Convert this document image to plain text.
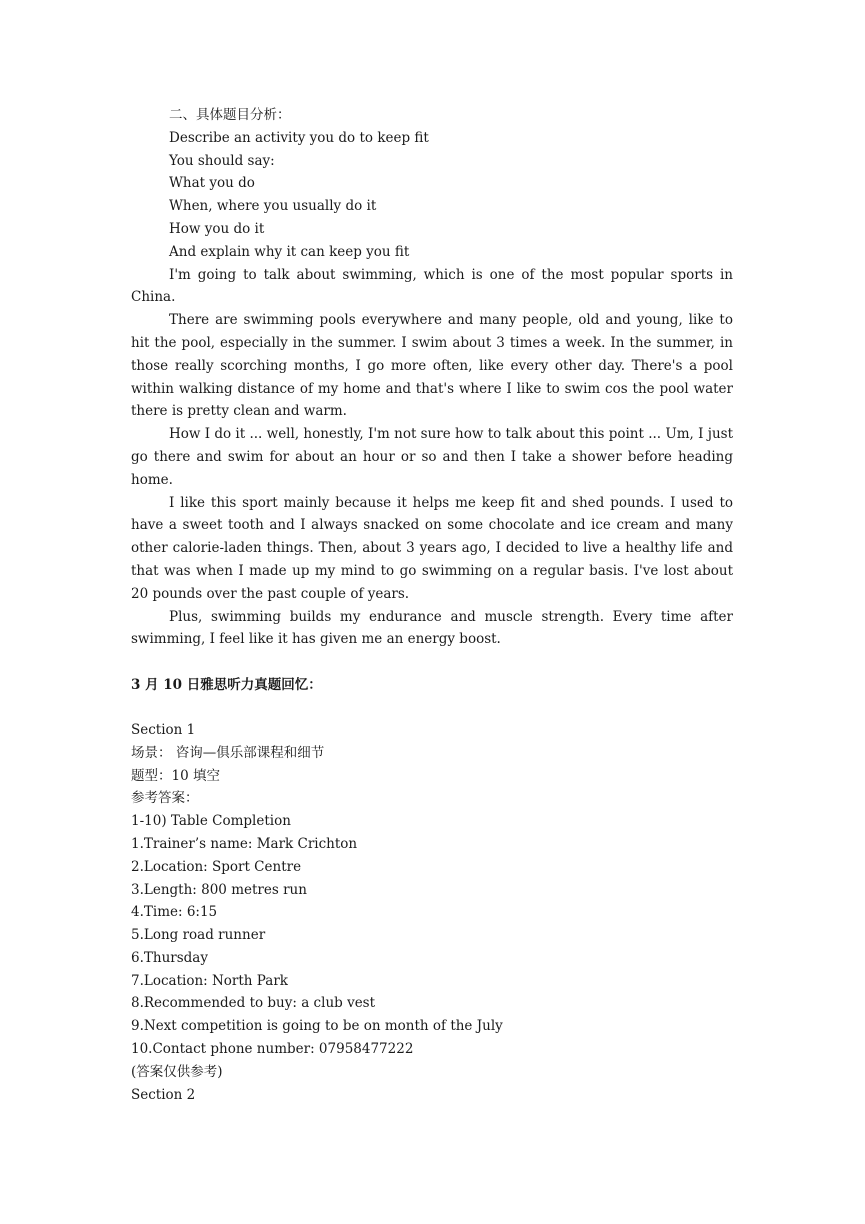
二、具体题目分析：
Describe an activity you do to keep fit
You should say:
What you do
When, where you usually do it
How you do it
And explain why it can keep you fit

I'm going to talk about swimming, which is one of the most popular sports in China.

There are swimming pools everywhere and many people, old and young, like to hit the pool, especially in the summer. I swim about 3 times a week. In the summer, in those really scorching months, I go more often, like every other day. There's a pool within walking distance of my home and that's where I like to swim cos the pool water there is pretty clean and warm.

How I do it ... well, honestly, I'm not sure how to talk about this point ... Um, I just go there and swim for about an hour or so and then I take a shower before heading home.

I like this sport mainly because it helps me keep fit and shed pounds. I used to have a sweet tooth and I always snacked on some chocolate and ice cream and many other calorie-laden things. Then, about 3 years ago, I decided to live a healthy life and that was when I made up my mind to go swimming on a regular basis. I've lost about 20 pounds over the past couple of years.

Plus, swimming builds my endurance and muscle strength. Every time after swimming, I feel like it has given me an energy boost.

3 月 10 日雅思听力真题回忆：
Section 1
场景： 咨询—俱乐部课程和细节
题型：10 填空
参考答案：
1-10) Table Completion
1.Trainer’s name: Mark Crichton
2.Location: Sport Centre
3.Length: 800 metres run
4.Time: 6:15
5.Long road runner
6.Thursday
7.Location: North Park
8.Recommended to buy: a club vest
9.Next competition is going to be on month of the July
10.Contact phone number: 07958477222
(答案仅供参考)
Section 2
